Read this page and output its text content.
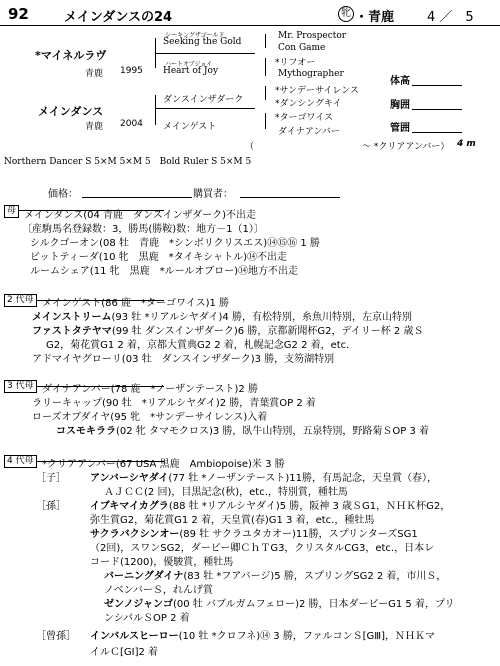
92	メインダンスの24	牝 ・青鹿	4 ／　5
*マイネルラヴ
青鹿 1995
シーキングザゴールド
Seeking the Gold
ハートオブジョイ
Heart of Joy
Mr. Prospector
Con Game
*リフオー
Mythographer
メインダンス
青鹿 2004
ダンスインザダーク
メインゲスト
*サンデーサイレンス
*ダンシングキイ
*ターゴワイス
ダイナアンバー
体高
胸囲
管囲
（　　　　　　　　　　　　～ *クリアアンバー） 4 m
Northern Dancer S 5×M 5×M 5　Bold Ruler S 5×M 5
価格：	購買者：
母 メインダンス(04 青鹿　ダンスインザダーク)不出走
〔産駒馬名登録数：3，勝馬(勝鞍)数：地方－1（1）〕
シルクゴーオン(08 牡　青鹿　*シンボリクリスエス)⑭⑮⑯ 1 勝
ビットティーダ(10 牝　黒鹿　*タイキシャトル)⑭不出走
ルームシェア(11 牝　黒鹿　*ルールオブロー)⑭地方不出走
2 代母 メインゲスト(86 鹿　*ターゴワイス)1 勝
メインストリーム(93 牡 *リアルシヤダイ)4 勝，有松特別，糸魚川特別，左京山特別
ファストタテヤマ(99 牡 ダンスインザダーク)6 勝，京都新聞杯G2，デイリー杯 2 歳Ｓ
G2，菊花賞G1 2 着，京都大賞典G2 2 着，札幌記念G2 2 着，etc.
アドマイヤグローリ(03 牡　ダンスインザダーク)3 勝，支笏湖特別
3 代母 ダイナアンバー(78 鹿　*ノーザンテースト)2 勝
ラリーキャップ(90 牡　*リアルシヤダイ)2 勝，青葉賞OP 2 着
ローズオブダイヤ(95 牝　*サンデーサイレンス)入着
コスモキララ(02 牝 タマモクロス)3 勝，臥牛山特別，五泉特別，野路菊ＳOP 3 着
4 代母 *クリアアンバー(67 USA 黒鹿　Ambiopoise)米 3 勝
［子］ アンバーシヤダイ(77 牡 *ノーザンテースト)11勝，有馬記念，天皇賞（春），
ＡＪＣＣ(2 回)，目黒記念(秋)，etc.，特別賞，種牡馬
［孫］ イブキマイカグラ(88 牡 *リアルシヤダイ)5 勝，阪神 3 歳ＳG1，ＮＨＫ杯G2，
弥生賞G2，菊花賞G1 2 着，天皇賞(春)G1 3 着，etc.，種牡馬
サクラバクシンオー(89 牡 サクラユタカオー)11勝，スプリンターズSG1
（2回)，スワンSG2，ダービー卿ＣｈＴG3，クリスタルCG3，etc.，日本レ
コード(1200)，優駿賞，種牡馬
バーニングダイナ(83 牡 *フアバージ)5 勝，スプリングSG2 2 着，市川Ｓ，
ノベンバーＳ，れんげ賞
ゼンノジャンゴ(00 牡 バブルガムフェロー)2 勝，日本ダービーG1 5 着，プリ
ンシパルＳOP 2 着
［曾孫］ インバルスヒーロー(10 牡 *クロフネ)⑭ 3 勝，ファルコンＳ[GⅢ]，ＮＨＫマ
イルＣ[GⅠ]2 着
